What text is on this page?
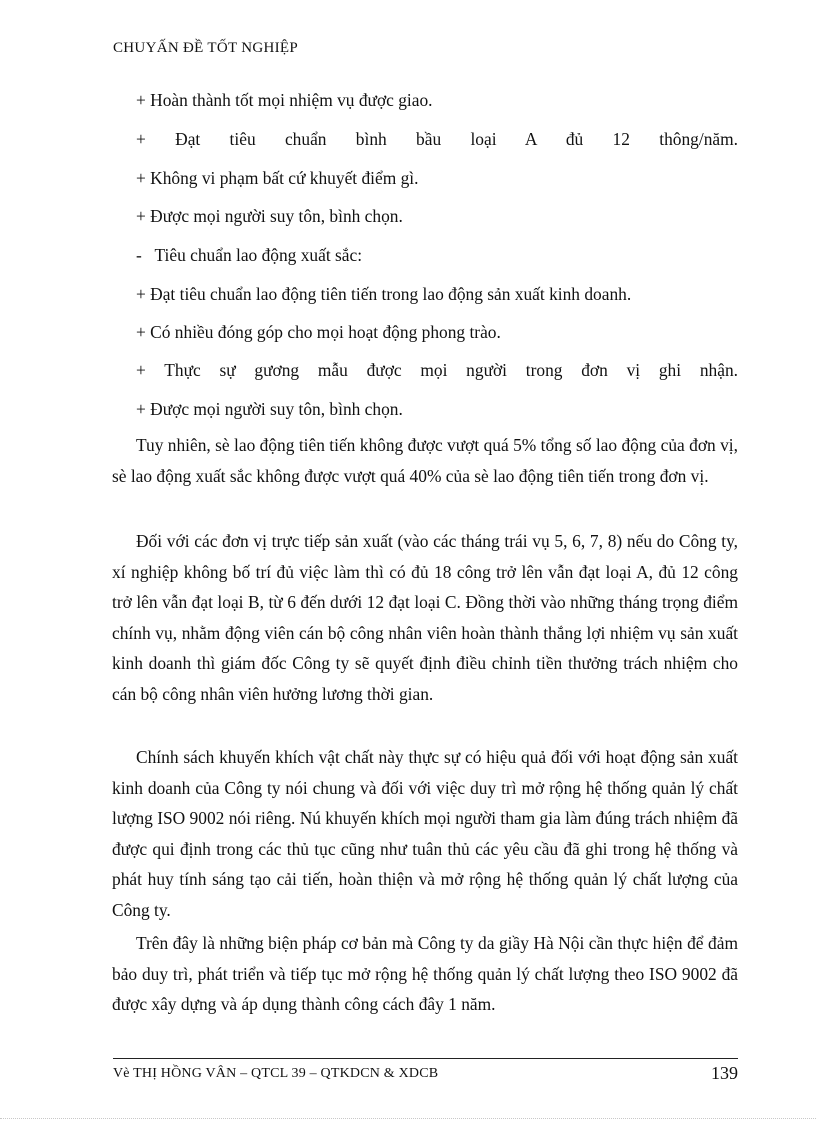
CHUYẤN ĐỀ TỐT NGHIỆP
+ Hoàn thành tốt mọi nhiệm vụ được giao.
+ Đạt tiêu chuẩn bình bầu loại A đủ 12 thông/năm.
+ Không vi phạm bất cứ khuyết điểm gì.
+ Được mọi người suy tôn, bình chọn.
-   Tiêu chuẩn lao động xuất sắc:
+ Đạt tiêu chuẩn lao động tiên tiến trong lao động sản xuất kinh doanh.
+ Có nhiều đóng góp cho mọi hoạt động phong trào.
+ Thực sự gương mẫu được mọi người trong đơn vị ghi nhận.
+ Được mọi người suy tôn, bình chọn.
Tuy nhiên, sè lao động tiên tiến không được vượt quá 5% tổng số lao động của đơn vị, sè lao động xuất sắc không được vượt quá 40% của sè lao động tiên tiến trong đơn vị.
Đối với các đơn vị trực tiếp sản xuất (vào các tháng trái vụ 5, 6, 7, 8) nếu do Công ty, xí nghiệp không bố trí đủ việc làm thì có đủ 18 công trở lên vẫn đạt loại A, đủ 12 công trở lên vẫn đạt loại B, từ 6 đến dưới 12 đạt loại C. Đồng thời vào những tháng trọng điểm chính vụ, nhằm động viên cán bộ công nhân viên hoàn thành thắng lợi nhiệm vụ sản xuất kinh doanh thì giám đốc Công ty sẽ quyết định điều chỉnh tiền thưởng trách nhiệm cho cán bộ công nhân viên hưởng lương thời gian.
Chính sách khuyến khích vật chất này thực sự có hiệu quả đối với hoạt động sản xuất kinh doanh của Công ty nói chung và đối với việc duy trì mở rộng hệ thống quản lý chất lượng ISO 9002 nói riêng. Nú khuyến khích mọi người tham gia làm đúng trách nhiệm đã được qui định trong các thủ tục cũng như tuân thủ các yêu cầu đã ghi trong hệ thống và phát huy tính sáng tạo cải tiến, hoàn thiện và mở rộng hệ thống quản lý chất lượng của Công ty.
Trên đây là những biện pháp cơ bản mà Công ty da giầy Hà Nội cần thực hiện để đảm bảo duy trì, phát triển và tiếp tục mở rộng hệ thống quản lý chất lượng theo ISO 9002 đã được xây dựng và áp dụng thành công cách đây 1 năm.
Vè THỊ HỒNG VÂN – QTCL 39 – QTKDCN & XDCB	139
